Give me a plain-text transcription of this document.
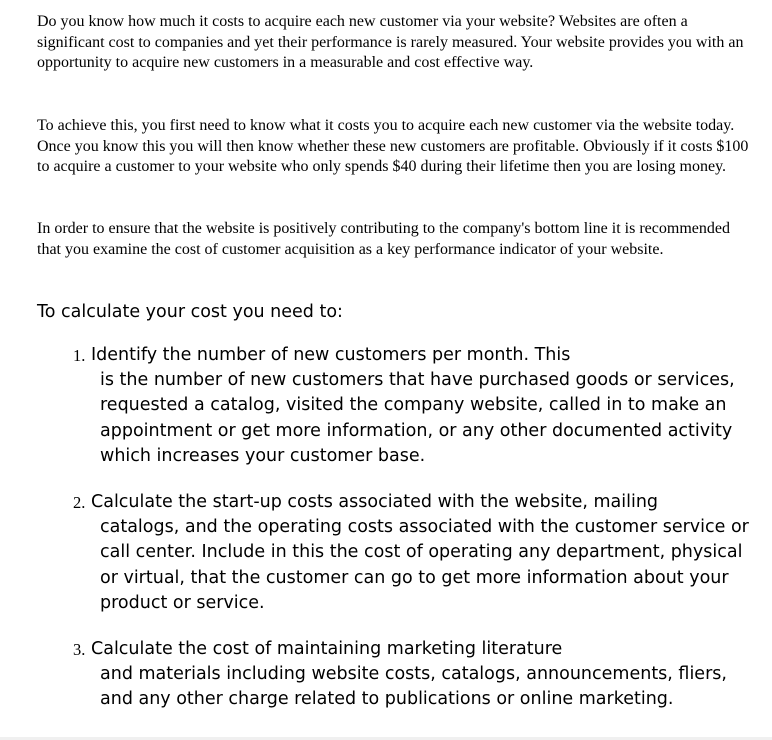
Do you know how much it costs to acquire each new customer via your website? Websites are often a significant cost to companies and yet their performance is rarely measured. Your website provides you with an opportunity to acquire new customers in a measurable and cost effective way.

To achieve this, you first need to know what it costs you to acquire each new customer via the website today. Once you know this you will then know whether these new customers are profitable. Obviously if it costs $100 to acquire a customer to your website who only spends $40 during their lifetime then you are losing money.

In order to ensure that the website is positively contributing to the company's bottom line it is recommended that you examine the cost of customer acquisition as a key performance indicator of your website.

To calculate your cost you need to:
1. Identify the number of new customers per month. This
is the number of new customers that have purchased goods or services, requested a catalog, visited the company website, called in to make an appointment or get more information, or any other documented activity which increases your customer base.
2. Calculate the start-up costs associated with the website, mailing
catalogs, and the operating costs associated with the customer service or call center. Include in this the cost of operating any department, physical or virtual, that the customer can go to get more information about your product or service.
3. Calculate the cost of maintaining marketing literature
and materials including website costs, catalogs, announcements, fliers, and any other charge related to publications or online marketing.
